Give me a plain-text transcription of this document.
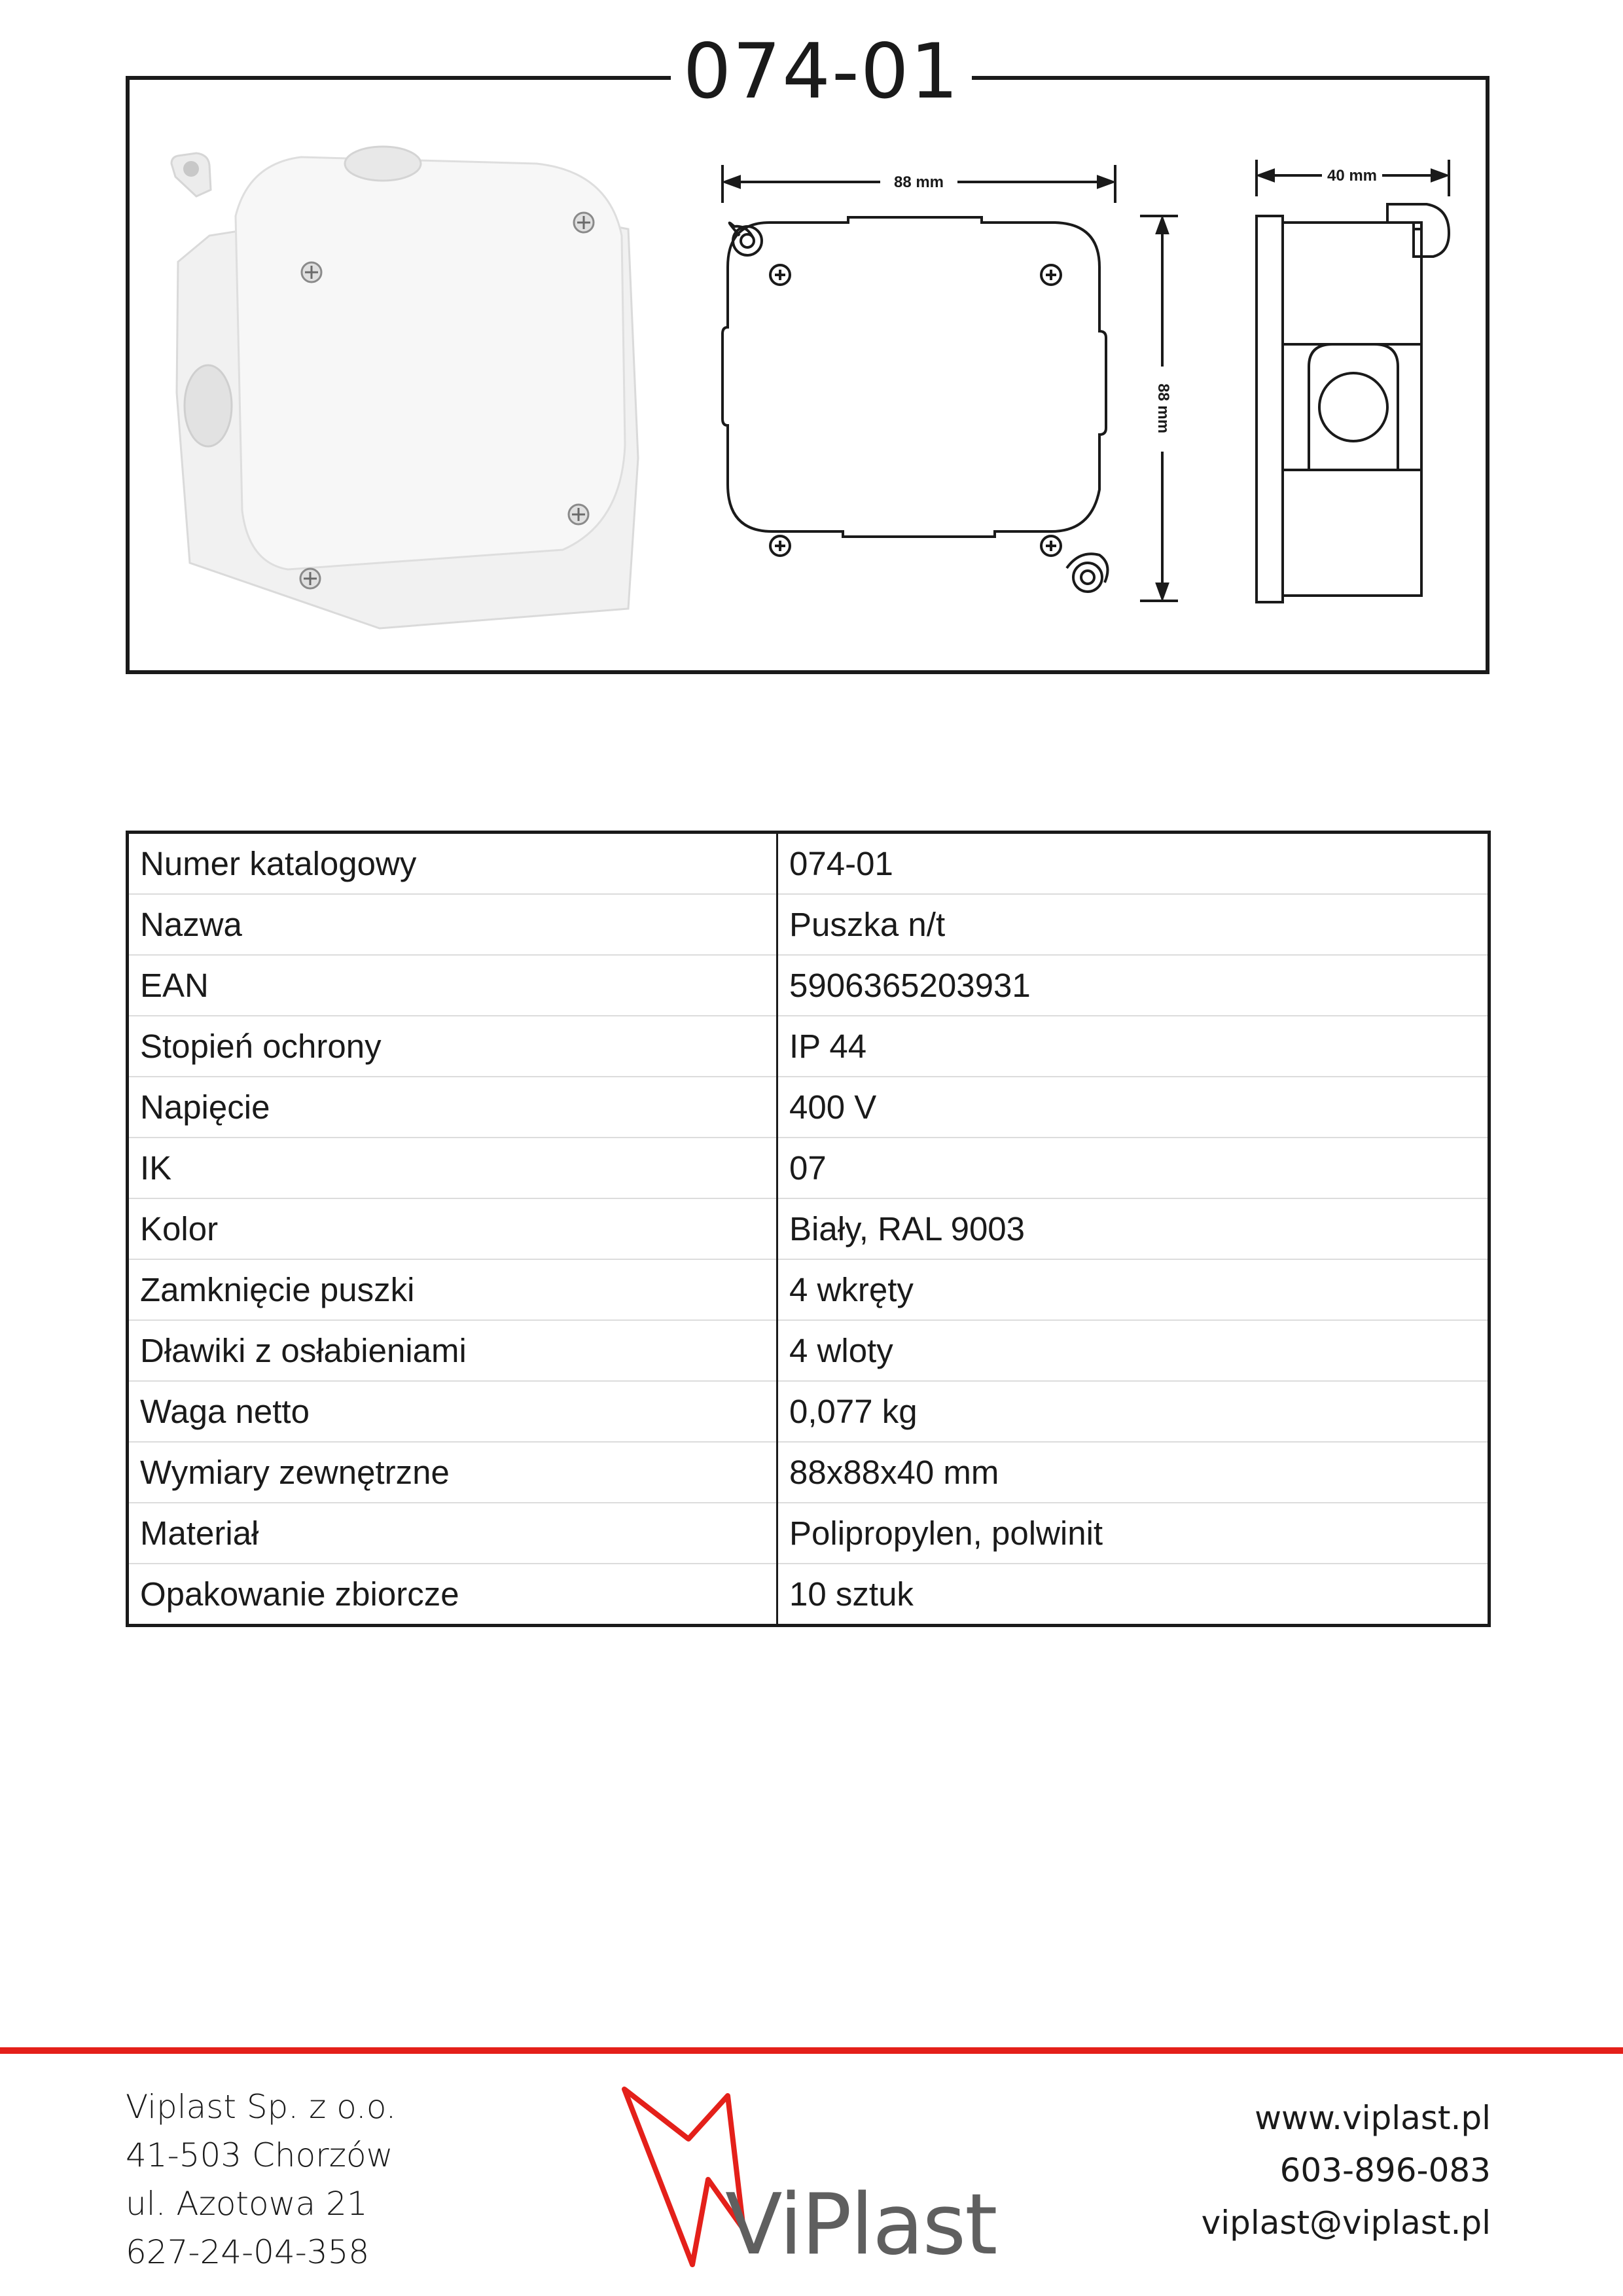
074-01
88 mm
88 mm
40 mm
Numer katalogowy	074-01
Nazwa	Puszka n/t
EAN	5906365203931
Stopień ochrony	IP 44
Napięcie	400 V
IK	07
Kolor	Biały, RAL 9003
Zamknięcie puszki	4 wkręty
Dławiki z osłabieniami	4 wloty
Waga netto	0,077 kg
Wymiary zewnętrzne	88x88x40 mm
Materiał	Polipropylen, polwinit
Opakowanie zbiorcze	10 sztuk
Viplast Sp. z o.o.
41-503 Chorzów
ul. Azotowa 21
627-24-04-358	ViPlast
www.viplast.pl
603-896-083
viplast@viplast.pl
